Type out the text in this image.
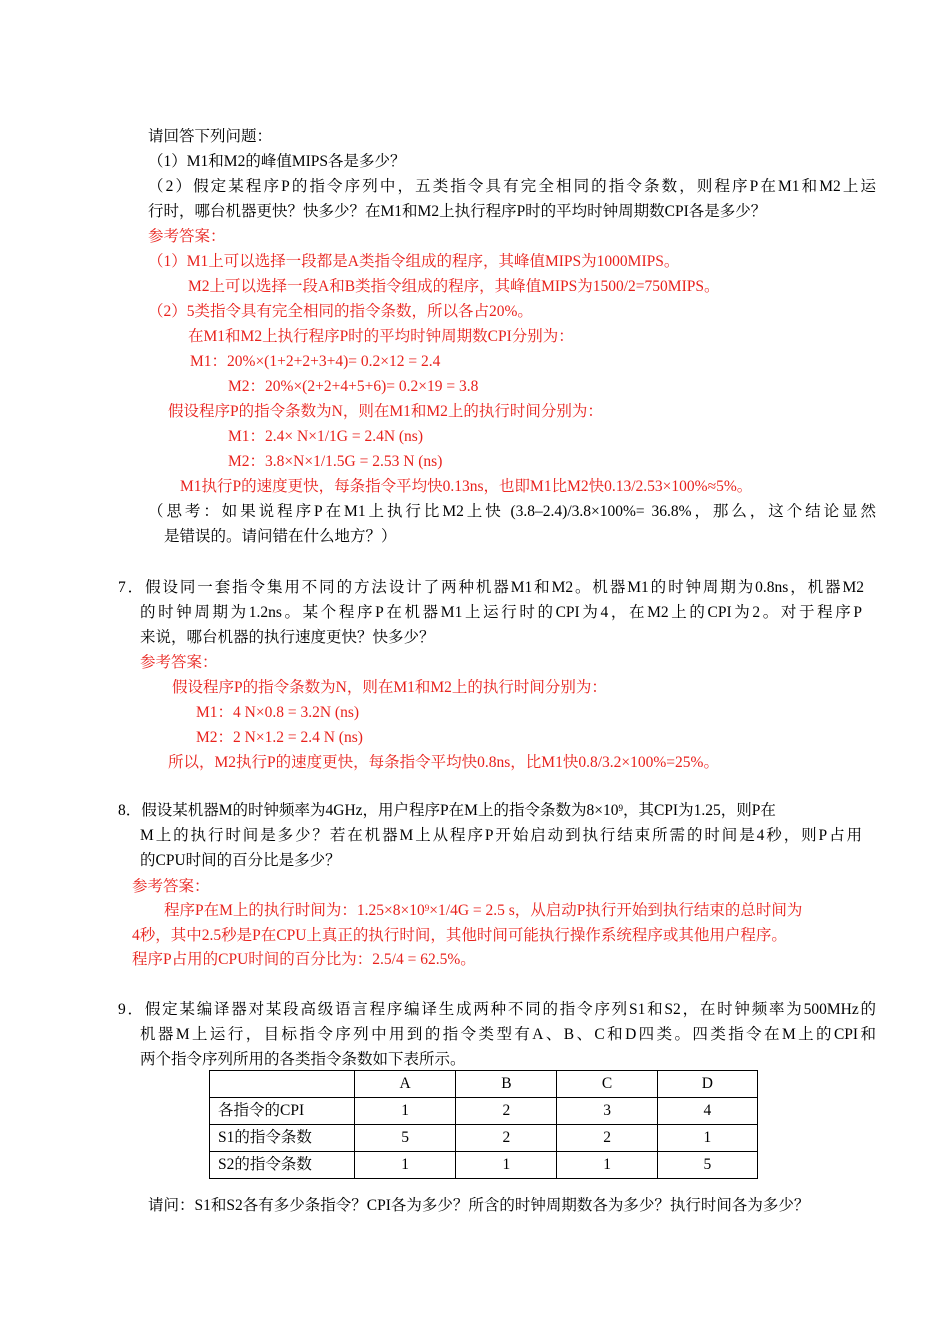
请回答下列问题：
（1）M1和M2的峰值MIPS各是多少？
（2）假定某程序P的指令序列中，五类指令具有完全相同的指令条数，则程序P在M1和M2上运
行时，哪台机器更快？快多少？在M1和M2上执行程序P时的平均时钟周期数CPI各是多少？
参考答案：
（1）M1上可以选择一段都是A类指令组成的程序，其峰值MIPS为1000MIPS。
M2上可以选择一段A和B类指令组成的程序，其峰值MIPS为1500/2=750MIPS。
（2）5类指令具有完全相同的指令条数，所以各占20%。
在M1和M2上执行程序P时的平均时钟周期数CPI分别为：
M1：20%×(1+2+2+3+4)= 0.2×12 = 2.4
M2：20%×(2+2+4+5+6)= 0.2×19 = 3.8
假设程序P的指令条数为N，则在M1和M2上的执行时间分别为：
M1：2.4× N×1/1G = 2.4N (ns)
M2：3.8×N×1/1.5G = 2.53 N (ns)
M1执行P的速度更快，每条指令平均快0.13ns，也即M1比M2快0.13/2.53×100%≈5%。
（思考：如果说程序P在M1上执行比M2上快 (3.8–2.4)/3.8×100%= 36.8%，那么，这个结论显然
是错误的。请问错在什么地方？）
7．假设同一套指令集用不同的方法设计了两种机器M1和M2。机器M1的时钟周期为0.8ns，机器M2
的时钟周期为1.2ns。某个程序P在机器M1上运行时的CPI为4，在M2上的CPI为2。对于程序P
来说，哪台机器的执行速度更快？快多少？
参考答案：
假设程序P的指令条数为N，则在M1和M2上的执行时间分别为：
M1：4 N×0.8 = 3.2N (ns)
M2：2 N×1.2 = 2.4 N (ns)
所以，M2执行P的速度更快，每条指令平均快0.8ns，比M1快0.8/3.2×100%=25%。
8．假设某机器M的时钟频率为4GHz，用户程序P在M上的指令条数为$8\times 10^9$，其CPI为1.25，则P在
M上的执行时间是多少？若在机器M上从程序P开始启动到执行结束所需的时间是4秒，则P占用
的CPU时间的百分比是多少？
参考答案：
程序P在M上的执行时间为：$1.25\times 8\times 10^9\times 1/4G = 2.5$ s，从启动P执行开始到执行结束的总时间为
4秒，其中2.5秒是P在CPU上真正的执行时间，其他时间可能执行操作系统程序或其他用户程序。
程序P占用的CPU时间的百分比为：2.5/4 = 62.5%。
9．假定某编译器对某段高级语言程序编译生成两种不同的指令序列S1和S2，在时钟频率为500MHz的
机器M上运行，目标指令序列中用到的指令类型有A、B、C和D四类。四类指令在M上的CPI和
两个指令序列所用的各类指令条数如下表所示。
	A	B	C	D
各指令的CPI	1	2	3	4
S1的指令条数	5	2	2	1
S2的指令条数	1	1	1	5
请问：S1和S2各有多少条指令？CPI各为多少？所含的时钟周期数各为多少？执行时间各为多少？
